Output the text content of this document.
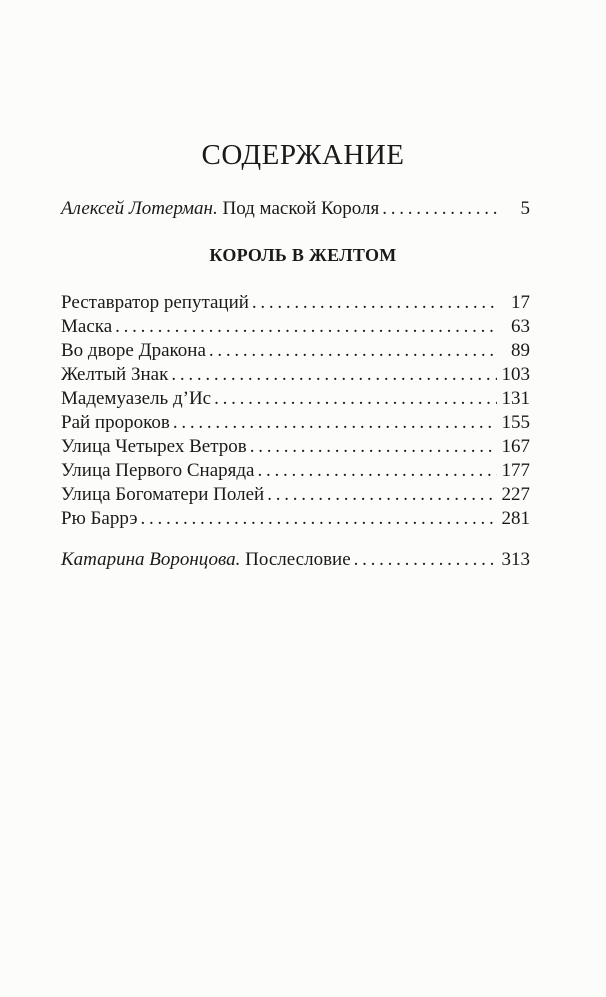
СОДЕРЖАНИЕ
Алексей Лотерман. Под маской Короля . . .	5
КОРОЛЬ В ЖЕЛТОМ
Реставратор репутаций . . .	17
Маска . . .	63
Во дворе Дракона . . .	89
Желтый Знак . . .	103
Мадемуазель д’Ис . . .	131
Рай пророков . . .	155
Улица Четырех Ветров . . .	167
Улица Первого Снаряда . . .	177
Улица Богоматери Полей . . .	227
Рю Баррэ . . .	281
Катарина Воронцова. Послесловие . . .	313
